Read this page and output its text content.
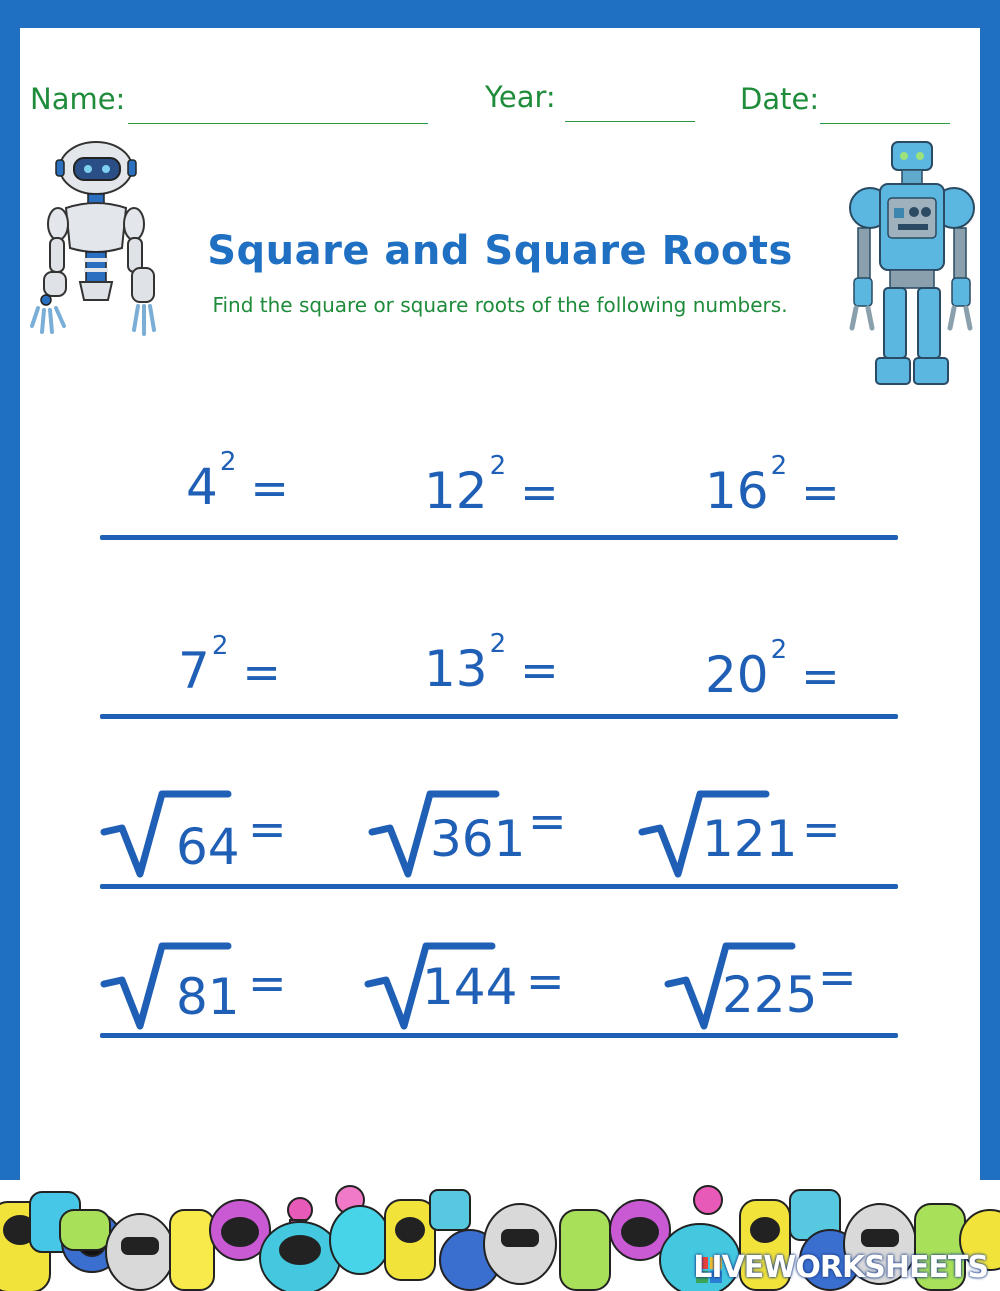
Name:	Year:	Date:
Square and Square Roots
Find the square or square roots of the following numbers.
42 =	122 =	162 =
72 =	132 =	202 =
64 =	361 =	121 =
81 =	144 =	225 =
LIVEWORKSHEETS
